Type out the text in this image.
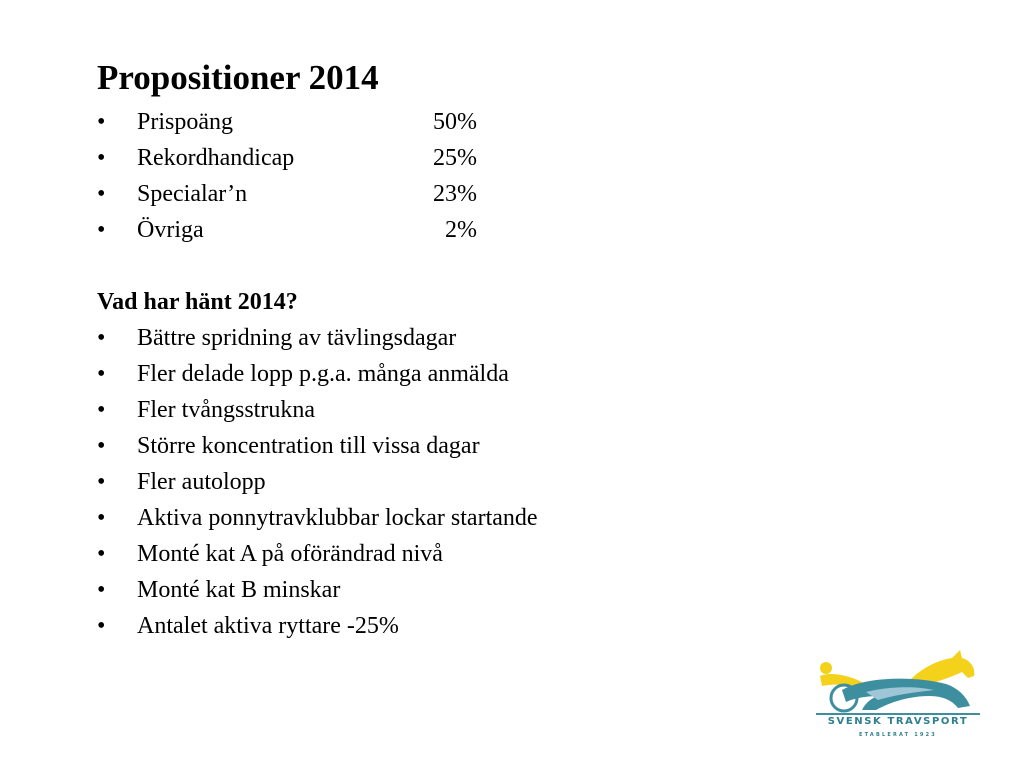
Propositioner 2014
• Prispoäng	50%
• Rekordhandicap	25%
• Specialar’n	23%
• Övriga	2%
Vad har hänt 2014?
• Bättre spridning av tävlingsdagar
• Fler delade lopp p.g.a. många anmälda
• Fler tvångsstrukna
• Större koncentration till vissa dagar
• Fler autolopp
• Aktiva ponnytravklubbar lockar startande
• Monté kat A på oförändrad nivå
• Monté kat B minskar
• Antalet aktiva ryttare -25%
SVENSK TRAVSPORT
ETABLERAT 1923
